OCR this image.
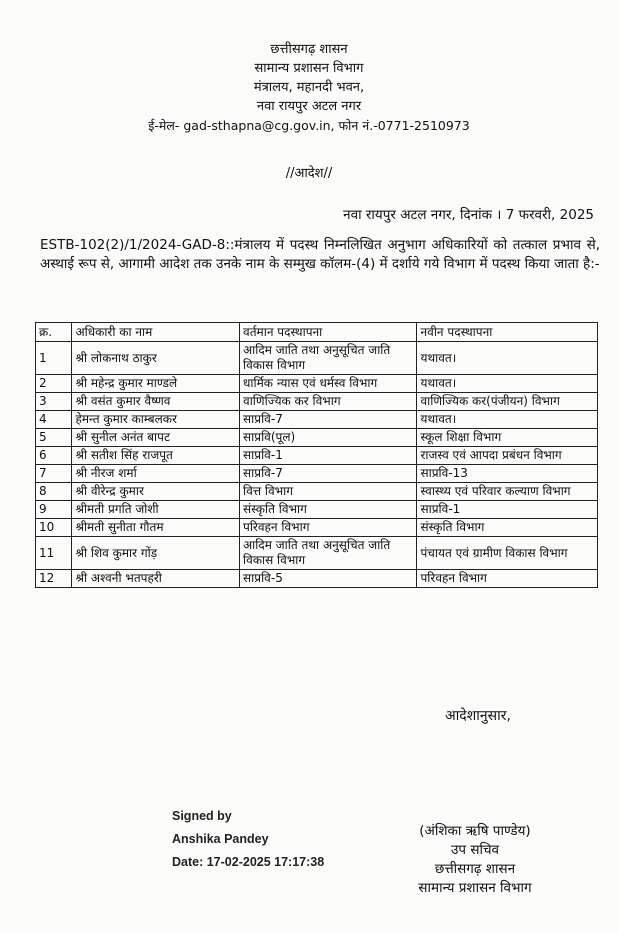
छत्तीसगढ़ शासन
सामान्य प्रशासन विभाग
मंत्रालय, महानदी भवन,
नवा रायपुर अटल नगर
ई-मेल- gad-sthapna@cg.gov.in, फोन नं.-0771-2510973
//आदेश//
नवा रायपुर अटल नगर, दिनांक । 7 फरवरी, 2025
ESTB-102(2)/1/2024-GAD-8::मंत्रालय में पदस्थ निम्नलिखित अनुभाग अधिकारियों को तत्काल प्रभाव से, अस्थाई रूप से, आगामी आदेश तक उनके नाम के सम्मुख कॉलम-(4) में दर्शाये गये विभाग में पदस्थ किया जाता है:-
क्र.	अधिकारी का नाम	वर्तमान पदस्थापना	नवीन पदस्थापना
1	श्री लोकनाथ ठाकुर	आदिम जाति तथा अनुसूचित जाति विकास विभाग	यथावत।
2	श्री महेन्द्र कुमार माण्डले	धार्मिक न्यास एवं धर्मस्व विभाग	यथावत।
3	श्री वसंत कुमार वैष्णव	वाणिज्यिक कर विभाग	वाणिज्यिक कर(पंजीयन) विभाग
4	हेमन्त कुमार काम्बलकर	साप्रवि-7	यथावत।
5	श्री सुनील अनंत बापट	साप्रवि(पूल)	स्कूल शिक्षा विभाग
6	श्री सतीश सिंह राजपूत	साप्रवि-1	राजस्व एवं आपदा प्रबंधन विभाग
7	श्री नीरज शर्मा	साप्रवि-7	साप्रवि-13
8	श्री वीरेन्द्र कुमार	वित्त विभाग	स्वास्थ्य एवं परिवार कल्याण विभाग
9	श्रीमती प्रगति जोशी	संस्कृति विभाग	साप्रवि-1
10	श्रीमती सुनीता गौतम	परिवहन विभाग	संस्कृति विभाग
11	श्री शिव कुमार गोंड़	आदिम जाति तथा अनुसूचित जाति विकास विभाग	पंचायत एवं ग्रामीण विकास विभाग
12	श्री अश्वनी भतपहरी	साप्रवि-5	परिवहन विभाग
आदेशानुसार,
Signed by
Anshika Pandey
Date: 17-02-2025 17:17:38
(अंशिका ऋषि पाण्डेय)
उप सचिव
छत्तीसगढ़ शासन
सामान्य प्रशासन विभाग
